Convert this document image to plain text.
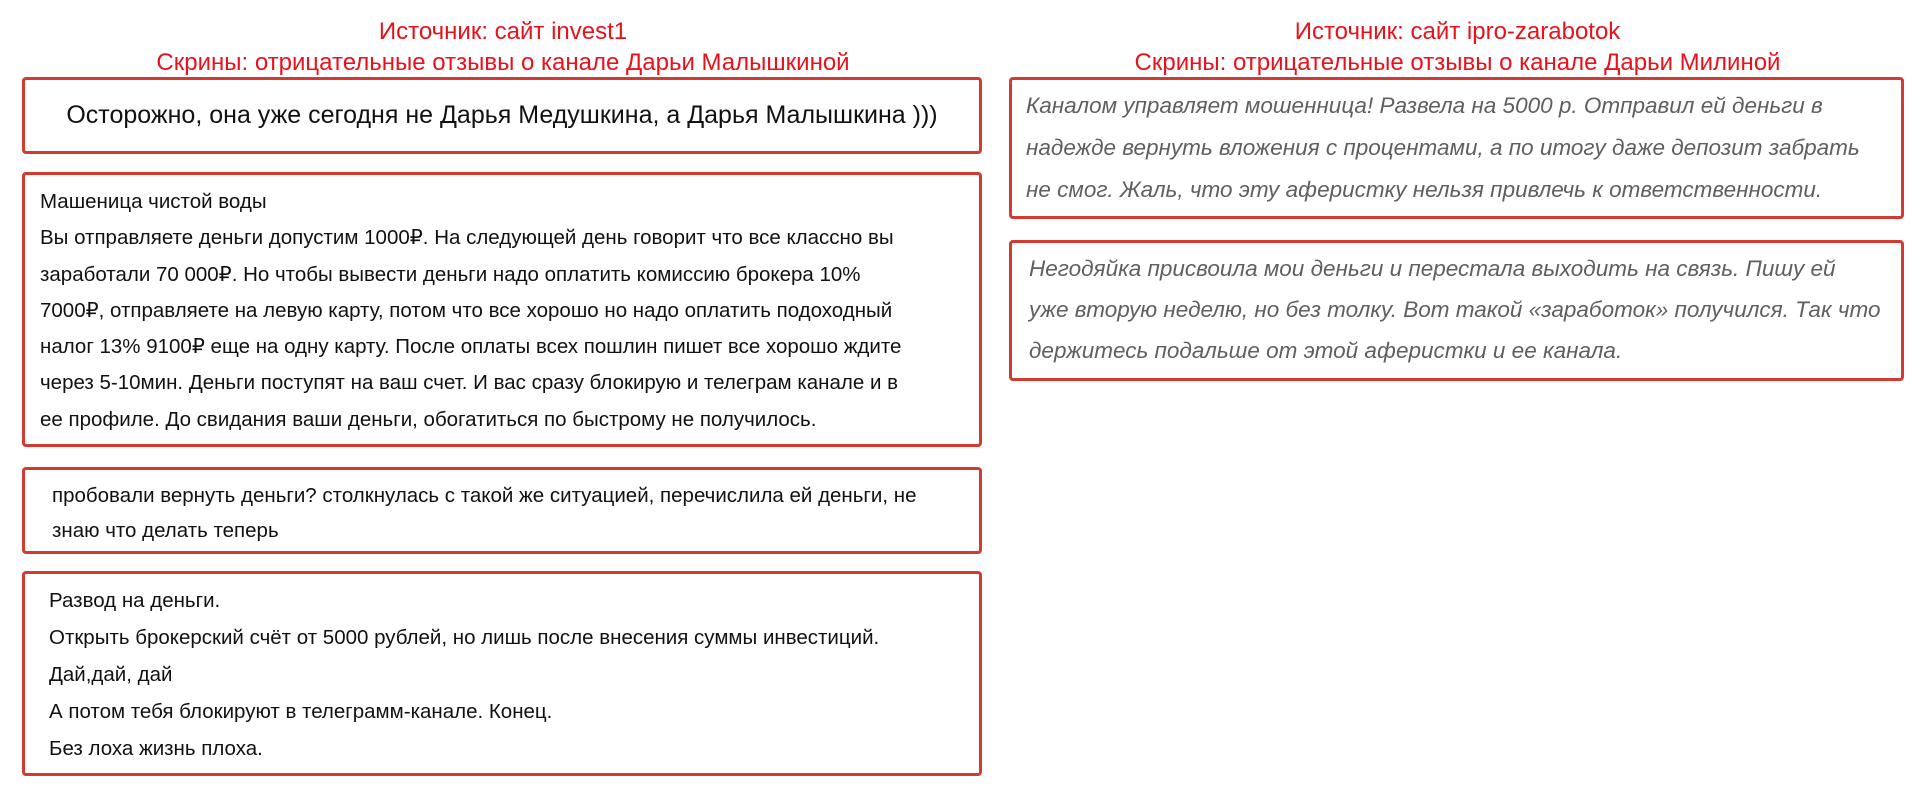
Источник: сайт invest1
Скрины: отрицательные отзывы о канале Дарьи Малышкиной
Осторожно, она уже сегодня не Дарья Медушкина, а Дарья Малышкина )))
Машеница чистой воды
Вы отправляете деньги допустим 1000₽. На следующей день говорит что все классно вы
заработали 70 000₽. Но чтобы вывести деньги надо оплатить комиссию брокера 10%
7000₽, отправляете на левую карту, потом что все хорошо но надо оплатить подоходный
налог 13% 9100₽ еще на одну карту. После оплаты всех пошлин пишет все хорошо ждите
через 5-10мин. Деньги поступят на ваш счет. И вас сразу блокирую и телеграм канале и в
ее профиле. До свидания ваши деньги, обогатиться по быстрому не получилось.
пробовали вернуть деньги? столкнулась с такой же ситуацией, перечислила ей деньги, не
знаю что делать теперь
Развод на деньги.
Открыть брокерский счёт от 5000 рублей, но лишь после внесения суммы инвестиций.
Дай,дай, дай
А потом тебя блокируют в телеграмм-канале. Конец.
Без лоха жизнь плоха.
Источник: сайт ipro-zarabotok
Скрины: отрицательные отзывы о канале Дарьи Милиной
Каналом управляет мошенница! Развела на 5000 р. Отправил ей деньги в
надежде вернуть вложения с процентами, а по итогу даже депозит забрать
не смог. Жаль, что эту аферистку нельзя привлечь к ответственности.
Негодяйка присвоила мои деньги и перестала выходить на связь. Пишу ей
уже вторую неделю, но без толку. Вот такой «заработок» получился. Так что
держитесь подальше от этой аферистки и ее канала.
